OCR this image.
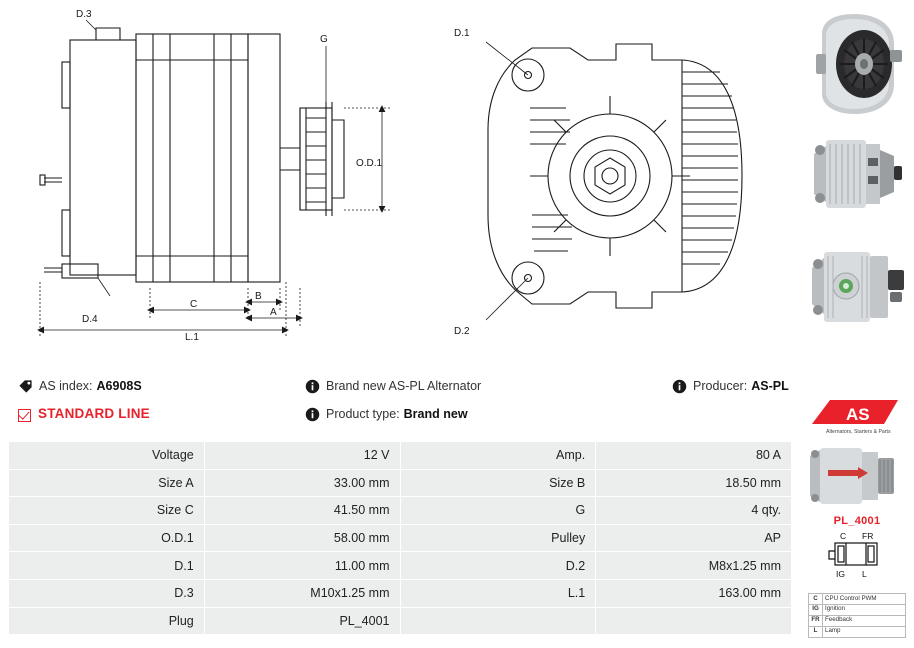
D.3
D.4
G
O.D.1
C
A
B
L.1
D.1
D.2
AS index: A6908S
STANDARD LINE
Brand new AS-PL Alternator
Product type: Brand new
Producer: AS-PL
Voltage	12 V	Amp.	80 A
Size A	33.00 mm	Size B	18.50 mm
Size C	41.50 mm	G	4 qty.
O.D.1	58.00 mm	Pulley	AP
D.1	11.00 mm	D.2	M8x1.25 mm
D.3	M10x1.25 mm	L.1	163.00 mm
Plug	PL_4001		
AS
Alternators, Starters & Parts
PL_4001
C FR
IG L
C	CPU Control PWM
IG	Ignition
FR	Feedback
L	Lamp
